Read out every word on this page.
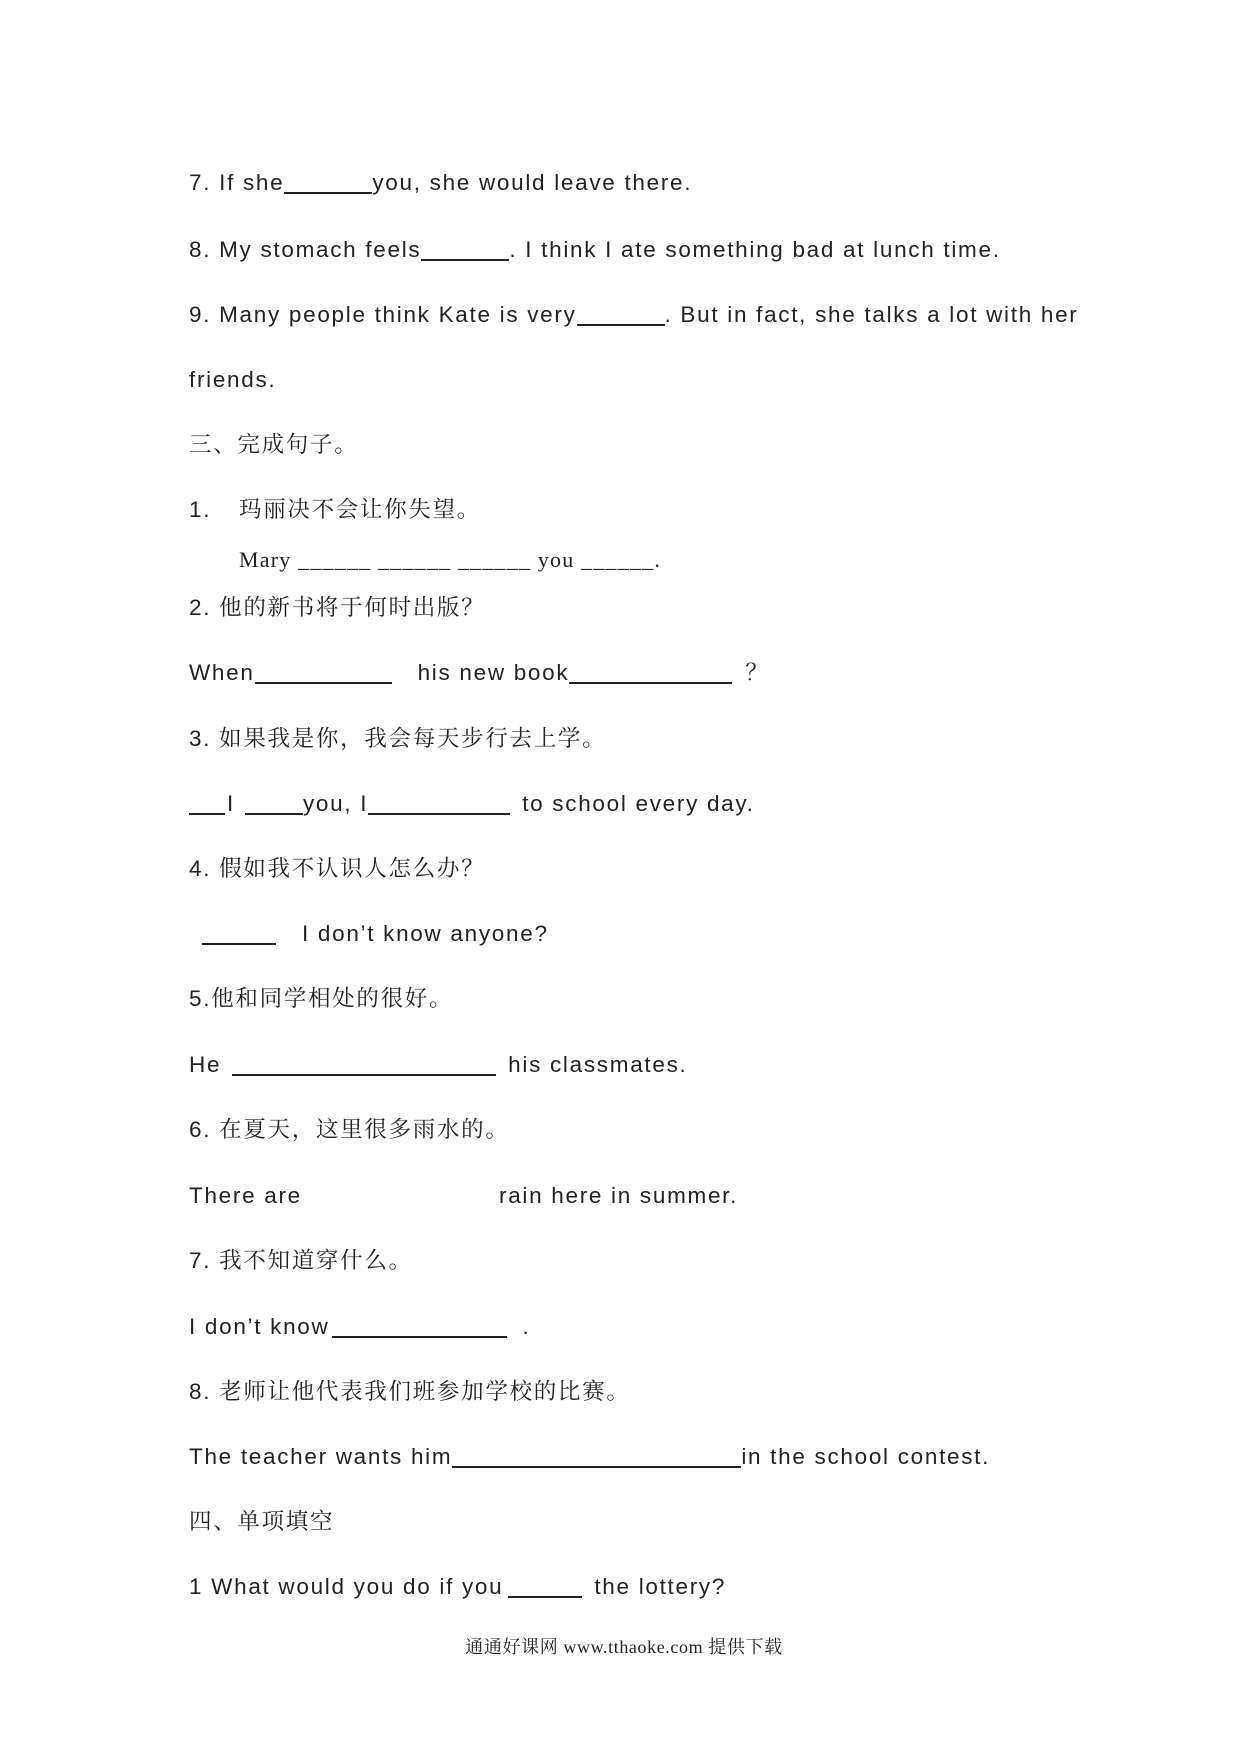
7. If she	you, she would leave there.
8. My stomach feels	. I think I ate something bad at lunch time.
9. Many people think Kate is very	. But in fact, she talks a lot with her
friends.
三、完成句子。
1. 玛丽决不会让你失望。
Mary ______ ______ ______ you ______.
2. 他的新书将于何时出版？
When	his new book	？
3. 如果我是你，我会每天步行去上学。
I	you, I	to school every day.
4. 假如我不认识人怎么办？
I don’t know anyone?
5.他和同学相处的很好。
He	his classmates.
6. 在夏天，这里很多雨水的。
There are	rain here in summer.
7. 我不知道穿什么。
I don’t know	.
8. 老师让他代表我们班参加学校的比赛。
The teacher wants him	in the school contest.
四、单项填空
1 What would you do if you	the lottery?
通通好课网 www.tthaoke.com 提供下载
